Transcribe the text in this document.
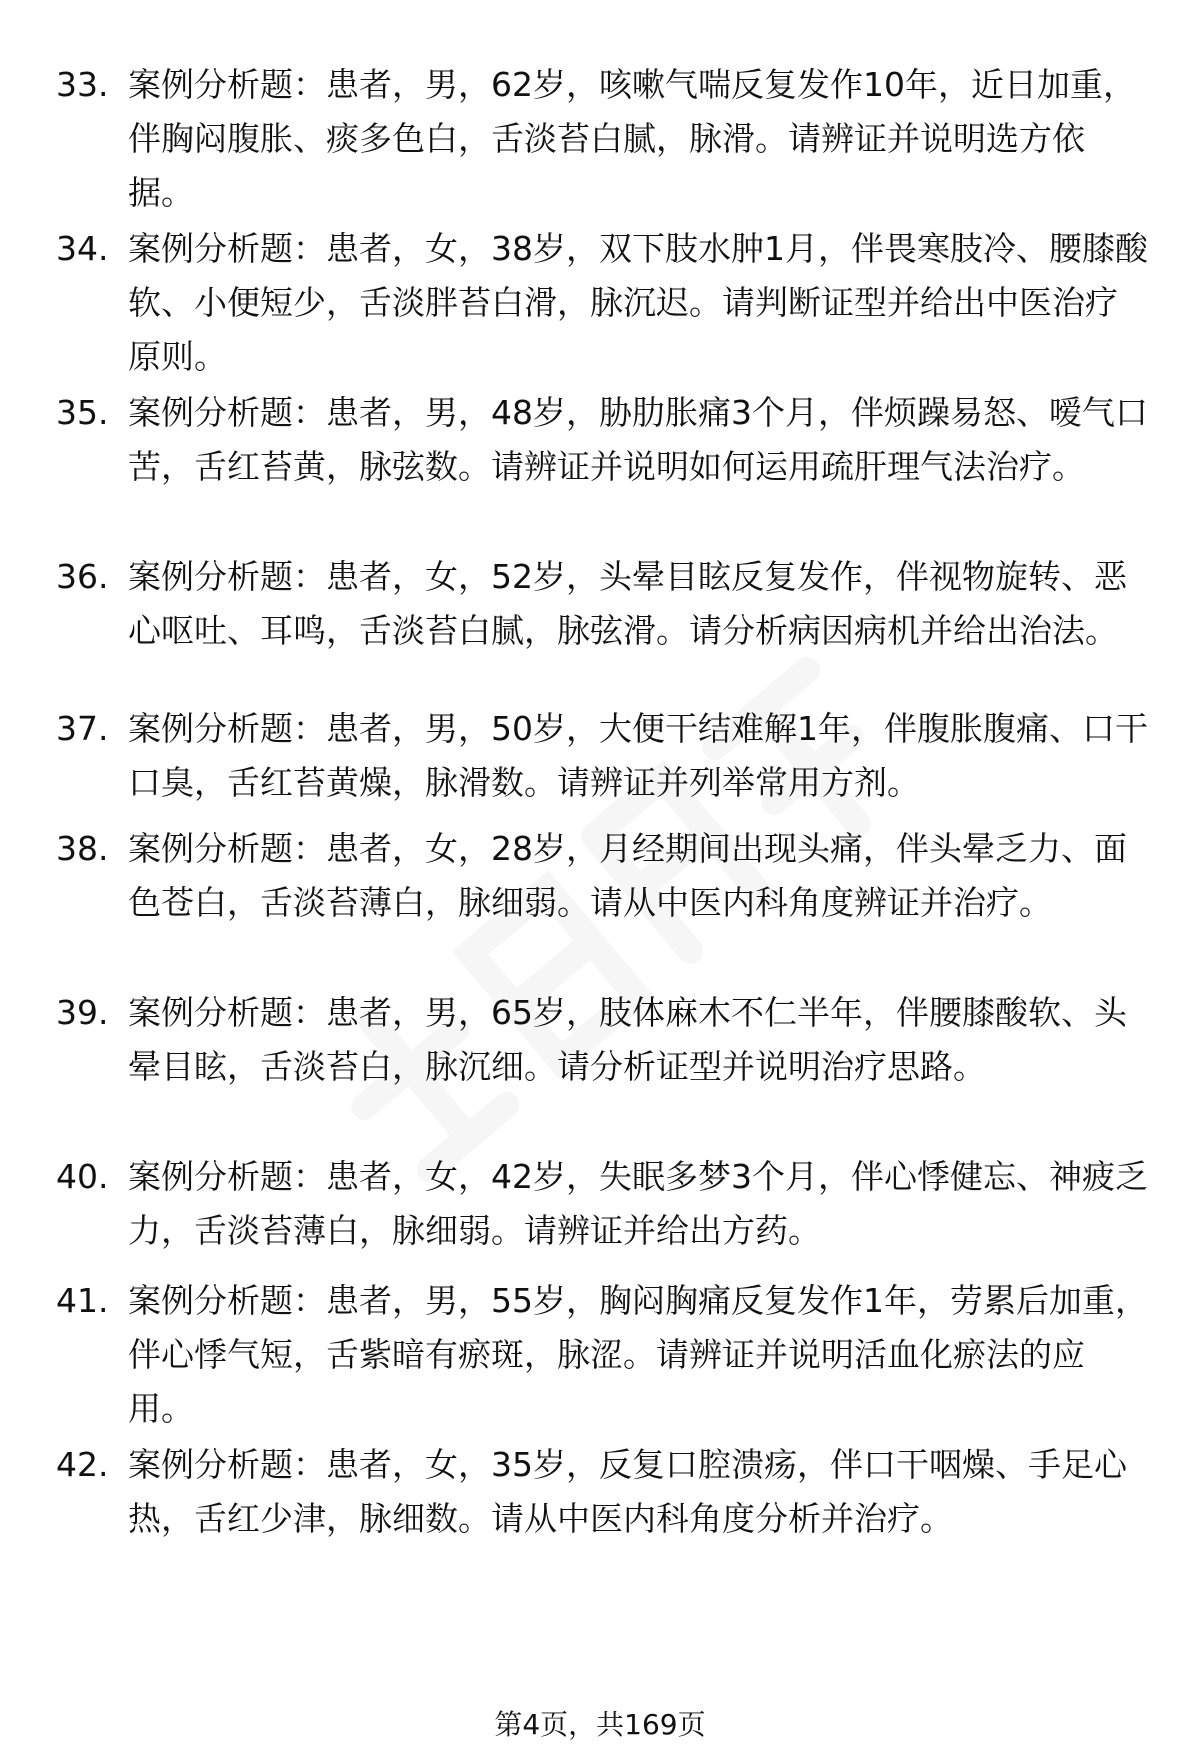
33. 案例分析题：患者，男，62岁，咳嗽气喘反复发作10年，近日加重，伴胸闷腹胀、痰多色白，舌淡苔白腻，脉滑。请辨证并说明选方依据。
34. 案例分析题：患者，女，38岁，双下肢水肿1月，伴畏寒肢冷、腰膝酸软、小便短少，舌淡胖苔白滑，脉沉迟。请判断证型并给出中医治疗原则。
35. 案例分析题：患者，男，48岁，胁肋胀痛3个月，伴烦躁易怒、嗳气口苦，舌红苔黄，脉弦数。请辨证并说明如何运用疏肝理气法治疗。
36. 案例分析题：患者，女，52岁，头晕目眩反复发作，伴视物旋转、恶心呕吐、耳鸣，舌淡苔白腻，脉弦滑。请分析病因病机并给出治法。
37. 案例分析题：患者，男，50岁，大便干结难解1年，伴腹胀腹痛、口干口臭，舌红苔黄燥，脉滑数。请辨证并列举常用方剂。
38. 案例分析题：患者，女，28岁，月经期间出现头痛，伴头晕乏力、面色苍白，舌淡苔薄白，脉细弱。请从中医内科角度辨证并治疗。
39. 案例分析题：患者，男，65岁，肢体麻木不仁半年，伴腰膝酸软、头晕目眩，舌淡苔白，脉沉细。请分析证型并说明治疗思路。
40. 案例分析题：患者，女，42岁，失眠多梦3个月，伴心悸健忘、神疲乏力，舌淡苔薄白，脉细弱。请辨证并给出方药。
41. 案例分析题：患者，男，55岁，胸闷胸痛反复发作1年，劳累后加重，伴心悸气短，舌紫暗有瘀斑，脉涩。请辨证并说明活血化瘀法的应用。
42. 案例分析题：患者，女，35岁，反复口腔溃疡，伴口干咽燥、手足心热，舌红少津，脉细数。请从中医内科角度分析并治疗。
第4页，共169页
